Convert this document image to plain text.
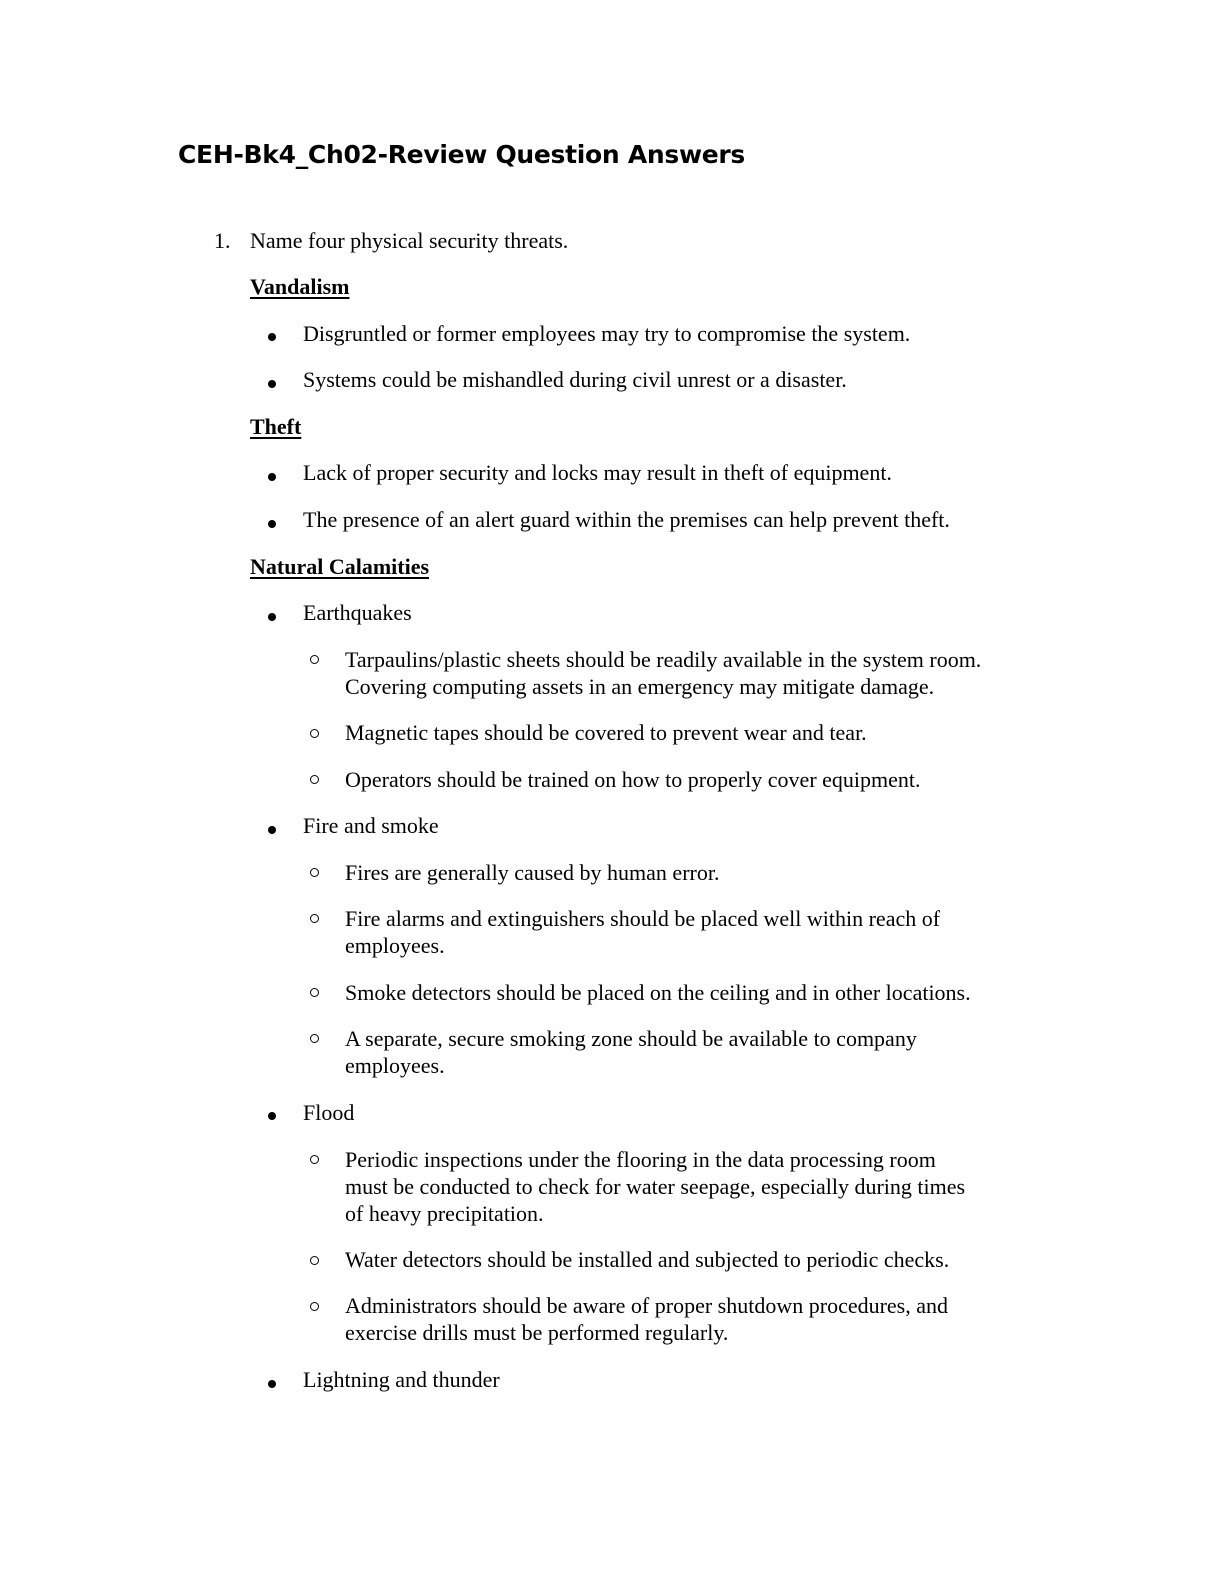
CEH-Bk4_Ch02-Review Question Answers
1. Name four physical security threats.
Vandalism
Disgruntled or former employees may try to compromise the system.
Systems could be mishandled during civil unrest or a disaster.
Theft
Lack of proper security and locks may result in theft of equipment.
The presence of an alert guard within the premises can help prevent theft.
Natural Calamities
Earthquakes
Tarpaulins/plastic sheets should be readily available in the system room.
Covering computing assets in an emergency may mitigate damage.
Magnetic tapes should be covered to prevent wear and tear.
Operators should be trained on how to properly cover equipment.
Fire and smoke
Fires are generally caused by human error.
Fire alarms and extinguishers should be placed well within reach of
employees.
Smoke detectors should be placed on the ceiling and in other locations.
A separate, secure smoking zone should be available to company
employees.
Flood
Periodic inspections under the flooring in the data processing room
must be conducted to check for water seepage, especially during times
of heavy precipitation.
Water detectors should be installed and subjected to periodic checks.
Administrators should be aware of proper shutdown procedures, and
exercise drills must be performed regularly.
Lightning and thunder
